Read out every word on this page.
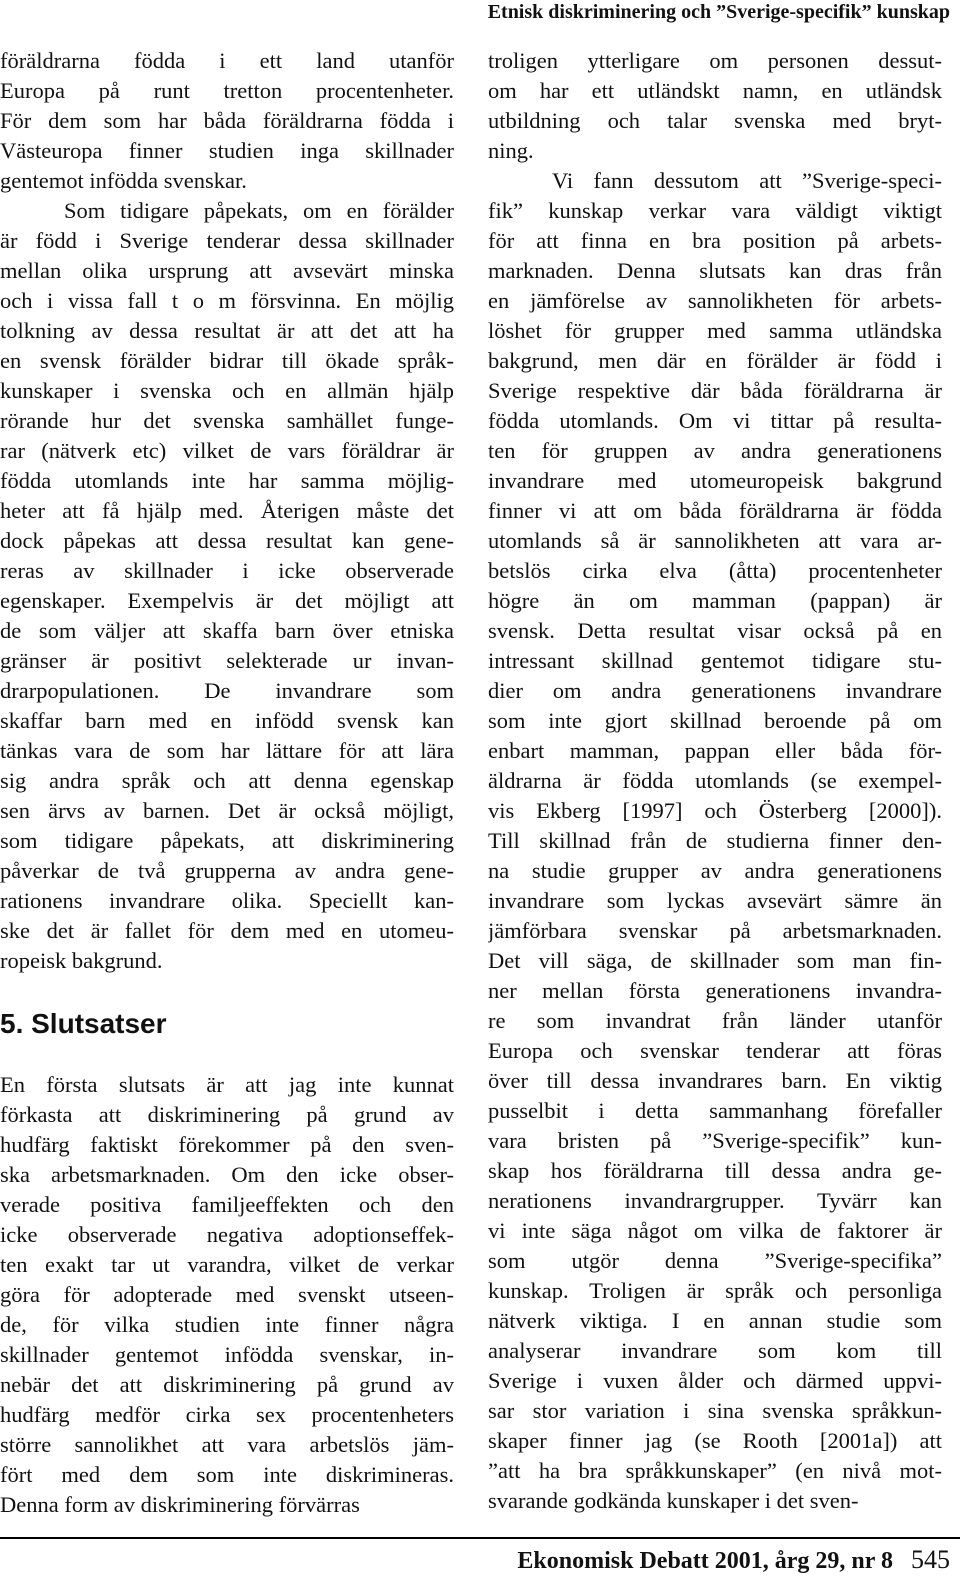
Etnisk diskriminering och ”Sverige-specifik” kunskap
föräldrarna födda i ett land utanför
Europa på runt tretton procentenheter.
För dem som har båda föräldrarna födda i
Västeuropa finner studien inga skillnader
gentemot infödda svenskar.
Som tidigare påpekats, om en förälder
är född i Sverige tenderar dessa skillnader
mellan olika ursprung att avsevärt minska
och i vissa fall t o m försvinna. En möjlig
tolkning av dessa resultat är att det att ha
en svensk förälder bidrar till ökade språk-
kunskaper i svenska och en allmän hjälp
rörande hur det svenska samhället funge-
rar (nätverk etc) vilket de vars föräldrar är
födda utomlands inte har samma möjlig-
heter att få hjälp med. Återigen måste det
dock påpekas att dessa resultat kan gene-
reras av skillnader i icke observerade
egenskaper. Exempelvis är det möjligt att
de som väljer att skaffa barn över etniska
gränser är positivt selekterade ur invan-
drarpopulationen. De invandrare som
skaffar barn med en infödd svensk kan
tänkas vara de som har lättare för att lära
sig andra språk och att denna egenskap
sen ärvs av barnen. Det är också möjligt,
som tidigare påpekats, att diskriminering
påverkar de två grupperna av andra gene-
rationens invandrare olika. Speciellt kan-
ske det är fallet för dem med en utomeu-
ropeisk bakgrund.
5. Slutsatser
En första slutsats är att jag inte kunnat
förkasta att diskriminering på grund av
hudfärg faktiskt förekommer på den sven-
ska arbetsmarknaden. Om den icke obser-
verade positiva familjeeffekten och den
icke observerade negativa adoptionseffek-
ten exakt tar ut varandra, vilket de verkar
göra för adopterade med svenskt utseen-
de, för vilka studien inte finner några
skillnader gentemot infödda svenskar, in-
nebär det att diskriminering på grund av
hudfärg medför cirka sex procentenheters
större sannolikhet att vara arbetslös jäm-
fört med dem som inte diskrimineras.
Denna form av diskriminering förvärras
troligen ytterligare om personen dessut-
om har ett utländskt namn, en utländsk
utbildning och talar svenska med bryt-
ning.
Vi fann dessutom att ”Sverige-speci-
fik” kunskap verkar vara väldigt viktigt
för att finna en bra position på arbets-
marknaden. Denna slutsats kan dras från
en jämförelse av sannolikheten för arbets-
löshet för grupper med samma utländska
bakgrund, men där en förälder är född i
Sverige respektive där båda föräldrarna är
födda utomlands. Om vi tittar på resulta-
ten för gruppen av andra generationens
invandrare med utomeuropeisk bakgrund
finner vi att om båda föräldrarna är födda
utomlands så är sannolikheten att vara ar-
betslös cirka elva (åtta) procentenheter
högre än om mamman (pappan) är
svensk. Detta resultat visar också på en
intressant skillnad gentemot tidigare stu-
dier om andra generationens invandrare
som inte gjort skillnad beroende på om
enbart mamman, pappan eller båda för-
äldrarna är födda utomlands (se exempel-
vis Ekberg [1997] och Österberg [2000]).
Till skillnad från de studierna finner den-
na studie grupper av andra generationens
invandrare som lyckas avsevärt sämre än
jämförbara svenskar på arbetsmarknaden.
Det vill säga, de skillnader som man fin-
ner mellan första generationens invandra-
re som invandrat från länder utanför
Europa och svenskar tenderar att föras
över till dessa invandrares barn. En viktig
pusselbit i detta sammanhang förefaller
vara bristen på ”Sverige-specifik” kun-
skap hos föräldrarna till dessa andra ge-
nerationens invandrargrupper. Tyvärr kan
vi inte säga något om vilka de faktorer är
som utgör denna ”Sverige-specifika”
kunskap. Troligen är språk och personliga
nätverk viktiga. I en annan studie som
analyserar invandrare som kom till
Sverige i vuxen ålder och därmed uppvi-
sar stor variation i sina svenska språkkun-
skaper finner jag (se Rooth [2001a]) att
”att ha bra språkkunskaper” (en nivå mot-
svarande godkända kunskaper i det sven-
Ekonomisk Debatt 2001, årg 29, nr 8 545
